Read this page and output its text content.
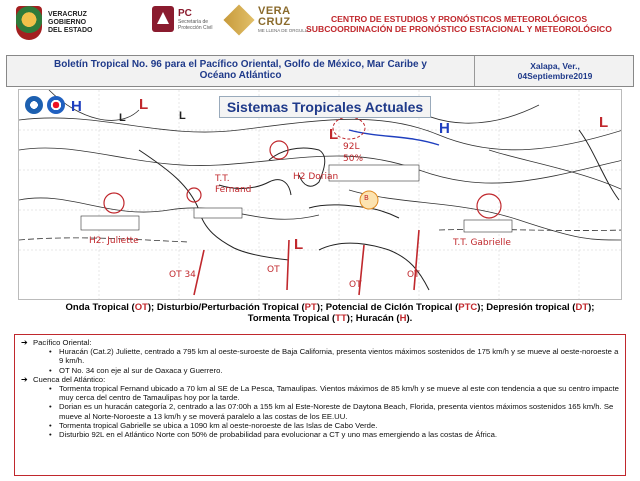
VERACRUZ
GOBIERNO
DEL ESTADO
PC
Secretaría de
Protección Civil
VERA
CRUZ
ME LLENA DE ORGULLO
CENTRO DE ESTUDIOS Y PRONÓSTICOS METEOROLÓGICOS
SUBCOORDINACIÓN DE PRONÓSTICO ESTACIONAL Y METEOROLÓGICO
Boletín Tropical No. 96 para el Pacífico Oriental, Golfo de México, Mar Caribe y Océano Atlántico
Xalapa, Ver.,
04Septiembre2019
Sistemas Tropicales Actuales
H
H	L
L
L
L
L	L
H2. Juliette
T.T.
Fernand
H2 Dorian
92L
50%
T.T. Gabrielle
OT 34	OT
OT
OT
B
Onda Tropical (OT); Disturbio/Perturbación Tropical (PT); Potencial de Ciclón Tropical (PTC); Depresión tropical (DT); Tormenta Tropical (TT); Huracán (H).
➔ Pacífico Oriental:
• Huracán (Cat.2) Juliette, centrado a 795 km al oeste-suroeste de Baja California, presenta vientos máximos sostenidos de 175 km/h y se mueve al oeste-noroeste a 9 km/h.
• OT No. 34 con eje al sur de Oaxaca y Guerrero.
➔ Cuenca del Atlántico:
• Tormenta tropical Fernand ubicado a 70 km al SE de La Pesca, Tamaulipas. Vientos máximos de 85 km/h y se mueve al este con tendencia a que su centro impacte muy cerca del centro de Tamaulipas hoy por la tarde.
• Dorian es un huracán categoría 2, centrado a las 07:00h a 155 km al Este-Noreste de Daytona Beach, Florida, presenta vientos máximos sostenidos 165 km/h. Se mueve al Norte-Noroeste a 13 km/h y se moverá paralelo a las costas de los EE.UU.
• Tormenta tropical Gabrielle se ubica a 1090 km al oeste-noroeste de las Islas de Cabo Verde.
• Disturbio 92L en el Atlántico Norte con 50% de probabilidad para evolucionar a CT y uno mas emergiendo a las costas de África.
